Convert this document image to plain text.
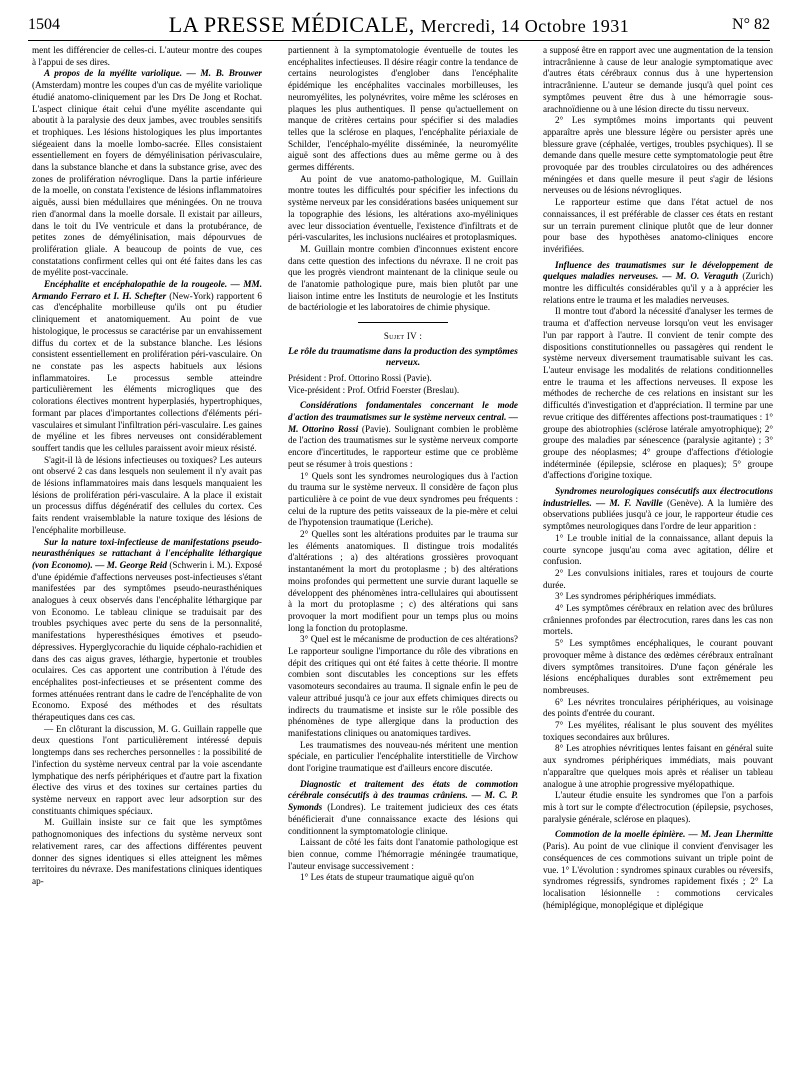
1504	LA PRESSE MÉDICALE, Mercredi, 14 Octobre 1931	N° 82

ment les différencier de celles-ci. L'auteur montre des coupes à l'appui de ses dires.

A propos de la myélite variolique. — M. B. Brouwer (Amsterdam) montre les coupes d'un cas de myélite variolique étudié anatomo-cliniquement par les Drs De Jong et Rochat. L'aspect clinique était celui d'une myélite ascendante qui aboutit à la paralysie des deux jambes, avec troubles sensitifs et trophiques. Les lésions histologiques les plus importantes siégeaient dans la moelle lombo-sacrée. Elles consistaient essentiellement en foyers de démyélinisation périvasculaire, dans la substance blanche et dans la substance grise, avec des zones de prolifération névroglique. Dans la partie inférieure de la moelle, on constata l'existence de lésions inflammatoires aiguës, aussi bien médullaires que méningées. On ne trouva rien d'anormal dans la moelle dorsale. Il existait par ailleurs, dans le toit du IVe ventricule et dans la protubérance, de petites zones de démyélinisation, mais dépourvues de prolifération gliale. A beaucoup de points de vue, ces constatations confirment celles qui ont été faites dans les cas de myélite post-vaccinale.

Encéphalite et encéphalopathie de la rougeole. — MM. Armando Ferraro et I. H. Schefter (New-York) rapportent 6 cas d'encéphalite morbilleuse qu'ils ont pu étudier cliniquement et anatomiquement. Au point de vue histologique, le processus se caractérise par un envahissement diffus du cortex et de la substance blanche. Les lésions consistent essentiellement en prolifération péri-vasculaire. On ne constate pas les aspects habituels aux lésions inflammatoires. Le processus semble atteindre particulièrement les éléments microgliques que des colorations électives montrent hyperplasiés, hypertrophiques, formant par places d'importantes collections d'éléments péri-vasculaires et simulant l'infiltration péri-vasculaire. Les gaines de myéline et les fibres nerveuses ont considérablement souffert tandis que les cellules paraissent avoir mieux résisté.

S'agit-il là de lésions infectieuses ou toxiques? Les auteurs ont observé 2 cas dans lesquels non seulement il n'y avait pas de lésions inflammatoires mais dans lesquels manquaient les lésions de prolifération péri-vasculaire. A la place il existait un processus diffus dégénératif des cellules du cortex. Ces faits rendent vraisemblable la nature toxique des lésions de l'encéphalite morbilleuse.

Sur la nature toxi-infectieuse de manifestations pseudo-neurasthéniques se rattachant à l'encéphalite léthargique (von Economo). — M. George Reid (Schwerin i. M.). Exposé d'une épidémie d'affections nerveuses post-infectieuses s'étant manifestées par des symptômes pseudo-neurasthéniques analogues à ceux observés dans l'encéphalite léthargique par von Economo. Le tableau clinique se traduisait par des troubles psychiques avec perte du sens de la personnalité, manifestations hyperesthésiques émotives et pseudo-dépressives. Hyperglycorachie du liquide céphalo-rachidien et dans des cas aigus graves, léthargie, hypertonie et troubles oculaires. Ces cas apportent une contribution à l'étude des encéphalites post-infectieuses et se présentent comme des formes atténuées rentrant dans le cadre de l'encéphalite de von Economo. Exposé des méthodes et des résultats thérapeutiques dans ces cas.

— En clôturant la discussion, M. G. Guillain rappelle que deux questions l'ont particulièrement intéressé depuis longtemps dans ses recherches personnelles : la possibilité de l'infection du système nerveux central par la voie ascendante lymphatique des nerfs périphériques et d'autre part la fixation élective des virus et des toxines sur certaines parties du système nerveux en rapport avec leur adsorption sur des constituants chimiques spéciaux.

M. Guillain insiste sur ce fait que les symptômes pathognomoniques des infections du système nerveux sont relativement rares, car des affections différentes peuvent donner des signes identiques si elles atteignent les mêmes territoires du névraxe. Des manifestations cliniques identiques ap-

partiennent à la symptomatologie éventuelle de toutes les encéphalites infectieuses. Il désire réagir contre la tendance de certains neurologistes d'englober dans l'encéphalite épidémique les encéphalites vaccinales morbilleuses, les neuromyélites, les polynévrites, voire même les scléroses en plaques les plus authentiques. Il pense qu'actuellement on manque de critères certains pour spécifier si des maladies telles que la sclérose en plaques, l'encéphalite périaxiale de Schilder, l'encéphalo-myélite disséminée, la neuromyélite aiguë sont des affections dues au même germe ou à des germes différents.

Au point de vue anatomo-pathologique, M. Guillain montre toutes les difficultés pour spécifier les infections du système nerveux par les considérations basées uniquement sur la topographie des lésions, les altérations axo-myéliniques avec leur dissociation éventuelle, l'existence d'infiltrats et de péri-vascularites, les inclusions nucléaires et protoplasmiques.

M. Guillain montre combien d'inconnues existent encore dans cette question des infections du névraxe. Il ne croit pas que les progrès viendront maintenant de la clinique seule ou de l'anatomie pathologique pure, mais bien plutôt par une liaison intime entre les Instituts de neurologie et les Instituts de bactériologie et les laboratoires de chimie physique.

Sujet IV :
Le rôle du traumatisme dans la production des symptômes nerveux.

Président : Prof. Ottorino Rossi (Pavie).

Vice-président : Prof. Otfrid Foerster (Breslau).

Considérations fondamentales concernant le mode d'action des traumatismes sur le système nerveux central. — M. Ottorino Rossi (Pavie). Soulignant combien le problème de l'action des traumatismes sur le système nerveux comporte encore d'incertitudes, le rapporteur estime que ce problème peut se résumer à trois questions :

1° Quels sont les syndromes neurologiques dus à l'action du trauma sur le système nerveux. Il considère de façon plus particulière à ce point de vue deux syndromes peu fréquents : celui de la rupture des petits vaisseaux de la pie-mère et celui de l'hypotension traumatique (Leriche).

2° Quelles sont les altérations produites par le trauma sur les éléments anatomiques. Il distingue trois modalités d'altérations ; a) des altérations grossières provoquant instantanément la mort du protoplasme ; b) des altérations moins profondes qui permettent une survie durant laquelle se développent des phénomènes intra-cellulaires qui aboutissent à la mort du protoplasme ; c) des altérations qui sans provoquer la mort modifient pour un temps plus ou moins long la fonction du protoplasme.

3° Quel est le mécanisme de production de ces altérations? Le rapporteur souligne l'importance du rôle des vibrations en dépit des critiques qui ont été faites à cette théorie. Il montre combien sont discutables les conceptions sur les effets vasomoteurs secondaires au trauma. Il signale enfin le peu de valeur attribué jusqu'à ce jour aux effets chimiques directs ou indirects du traumatisme et insiste sur le rôle possible des phénomènes de type allergique dans la production des manifestations cliniques ou anatomiques tardives.

Les traumatismes des nouveau-nés méritent une mention spéciale, en particulier l'encéphalite interstitielle de Virchow dont l'origine traumatique est d'ailleurs encore discutée.

Diagnostic et traitement des états de commotion cérébrale consécutifs à des traumas crâniens. — M. C. P. Symonds (Londres). Le traitement judicieux des ces états bénéficierait d'une connaissance exacte des lésions qui conditionnent la symptomatologie clinique.

Laissant de côté les faits dont l'anatomie pathologique est bien connue, comme l'hémorragie méningée traumatique, l'auteur envisage successivement :

1° Les états de stupeur traumatique aiguë qu'on

a supposé être en rapport avec une augmentation de la tension intracrânienne à cause de leur analogie symptomatique avec d'autres états cérébraux connus dus à une hypertension intracrânienne. L'auteur se demande jusqu'à quel point ces symptômes peuvent être dus à une hémorragie sous-arachnoïdienne ou à une lésion directe du tissu nerveux.

2° Les symptômes moins importants qui peuvent apparaître après une blessure légère ou persister après une blessure grave (céphalée, vertiges, troubles psychiques). Il se demande dans quelle mesure cette symptomatologie peut être provoquée par des troubles circulatoires ou des adhérences méningées et dans quelle mesure il peut s'agir de lésions nerveuses ou de lésions névrogliques.

Le rapporteur estime que dans l'état actuel de nos connaissances, il est préférable de classer ces états en restant sur un terrain purement clinique plutôt que de leur donner pour base des hypothèses anatomo-cliniques encore invérifiées.

Influence des traumatismes sur le développement de quelques maladies nerveuses. — M. O. Veraguth (Zurich) montre les difficultés considérables qu'il y a à apprécier les relations entre le trauma et les maladies nerveuses.

Il montre tout d'abord la nécessité d'analyser les termes de trauma et d'affection nerveuse lorsqu'on veut les envisager l'un par rapport à l'autre. Il convient de tenir compte des dispositions constitutionnelles ou passagères qui rendent le système nerveux diversement traumatisable suivant les cas. L'auteur envisage les modalités de relations conditionnelles entre le trauma et les affections nerveuses. Il expose les méthodes de recherche de ces relations en insistant sur les difficultés d'investigation et d'appréciation. Il termine par une revue critique des différentes affections post-traumatiques : 1° groupe des abiotrophies (sclérose latérale amyotrophique); 2° groupe des maladies par sénescence (paralysie agitante) ; 3° groupe des néoplasmes; 4° groupe d'affections d'étiologie indéterminée (épilepsie, sclérose en plaques); 5° groupe d'affections d'origine toxique.

Syndromes neurologiques consécutifs aux électrocutions industrielles. — M. F. Naville (Genève). A la lumière des observations publiées jusqu'à ce jour, le rapporteur étudie ces symptômes neurologiques dans l'ordre de leur apparition :

1° Le trouble initial de la connaissance, allant depuis la courte syncope jusqu'au coma avec agitation, délire et confusion.

2° Les convulsions initiales, rares et toujours de courte durée.

3° Les syndromes périphériques immédiats.

4° Les symptômes cérébraux en relation avec des brûlures crâniennes profondes par électrocution, rares dans les cas non mortels.

5° Les symptômes encéphaliques, le courant pouvant provoquer même à distance des œdèmes cérébraux entraînant divers symptômes transitoires. D'une façon générale les lésions encéphaliques durables sont extrêmement peu nombreuses.

6° Les névrites tronculaires périphériques, au voisinage des points d'entrée du courant.

7° Les myélites, réalisant le plus souvent des myélites toxiques secondaires aux brûlures.

8° Les atrophies névritiques lentes faisant en général suite aux syndromes périphériques immédiats, mais pouvant n'apparaître que quelques mois après et réaliser un tableau analogue à une atrophie progressive myélopathique.

L'auteur étudie ensuite les syndromes que l'on a parfois mis à tort sur le compte d'électrocution (épilepsie, psychoses, paralysie générale, sclérose en plaques).

Commotion de la moelle épinière. — M. Jean Lhermitte (Paris). Au point de vue clinique il convient d'envisager les conséquences de ces commotions suivant un triple point de vue. 1° L'évolution : syndromes spinaux curables ou réversifs, syndromes régressifs, syndromes rapidement fixés ; 2° La localisation lésionnelle : commotions cervicales (hémiplégique, monoplégique et diplégique
